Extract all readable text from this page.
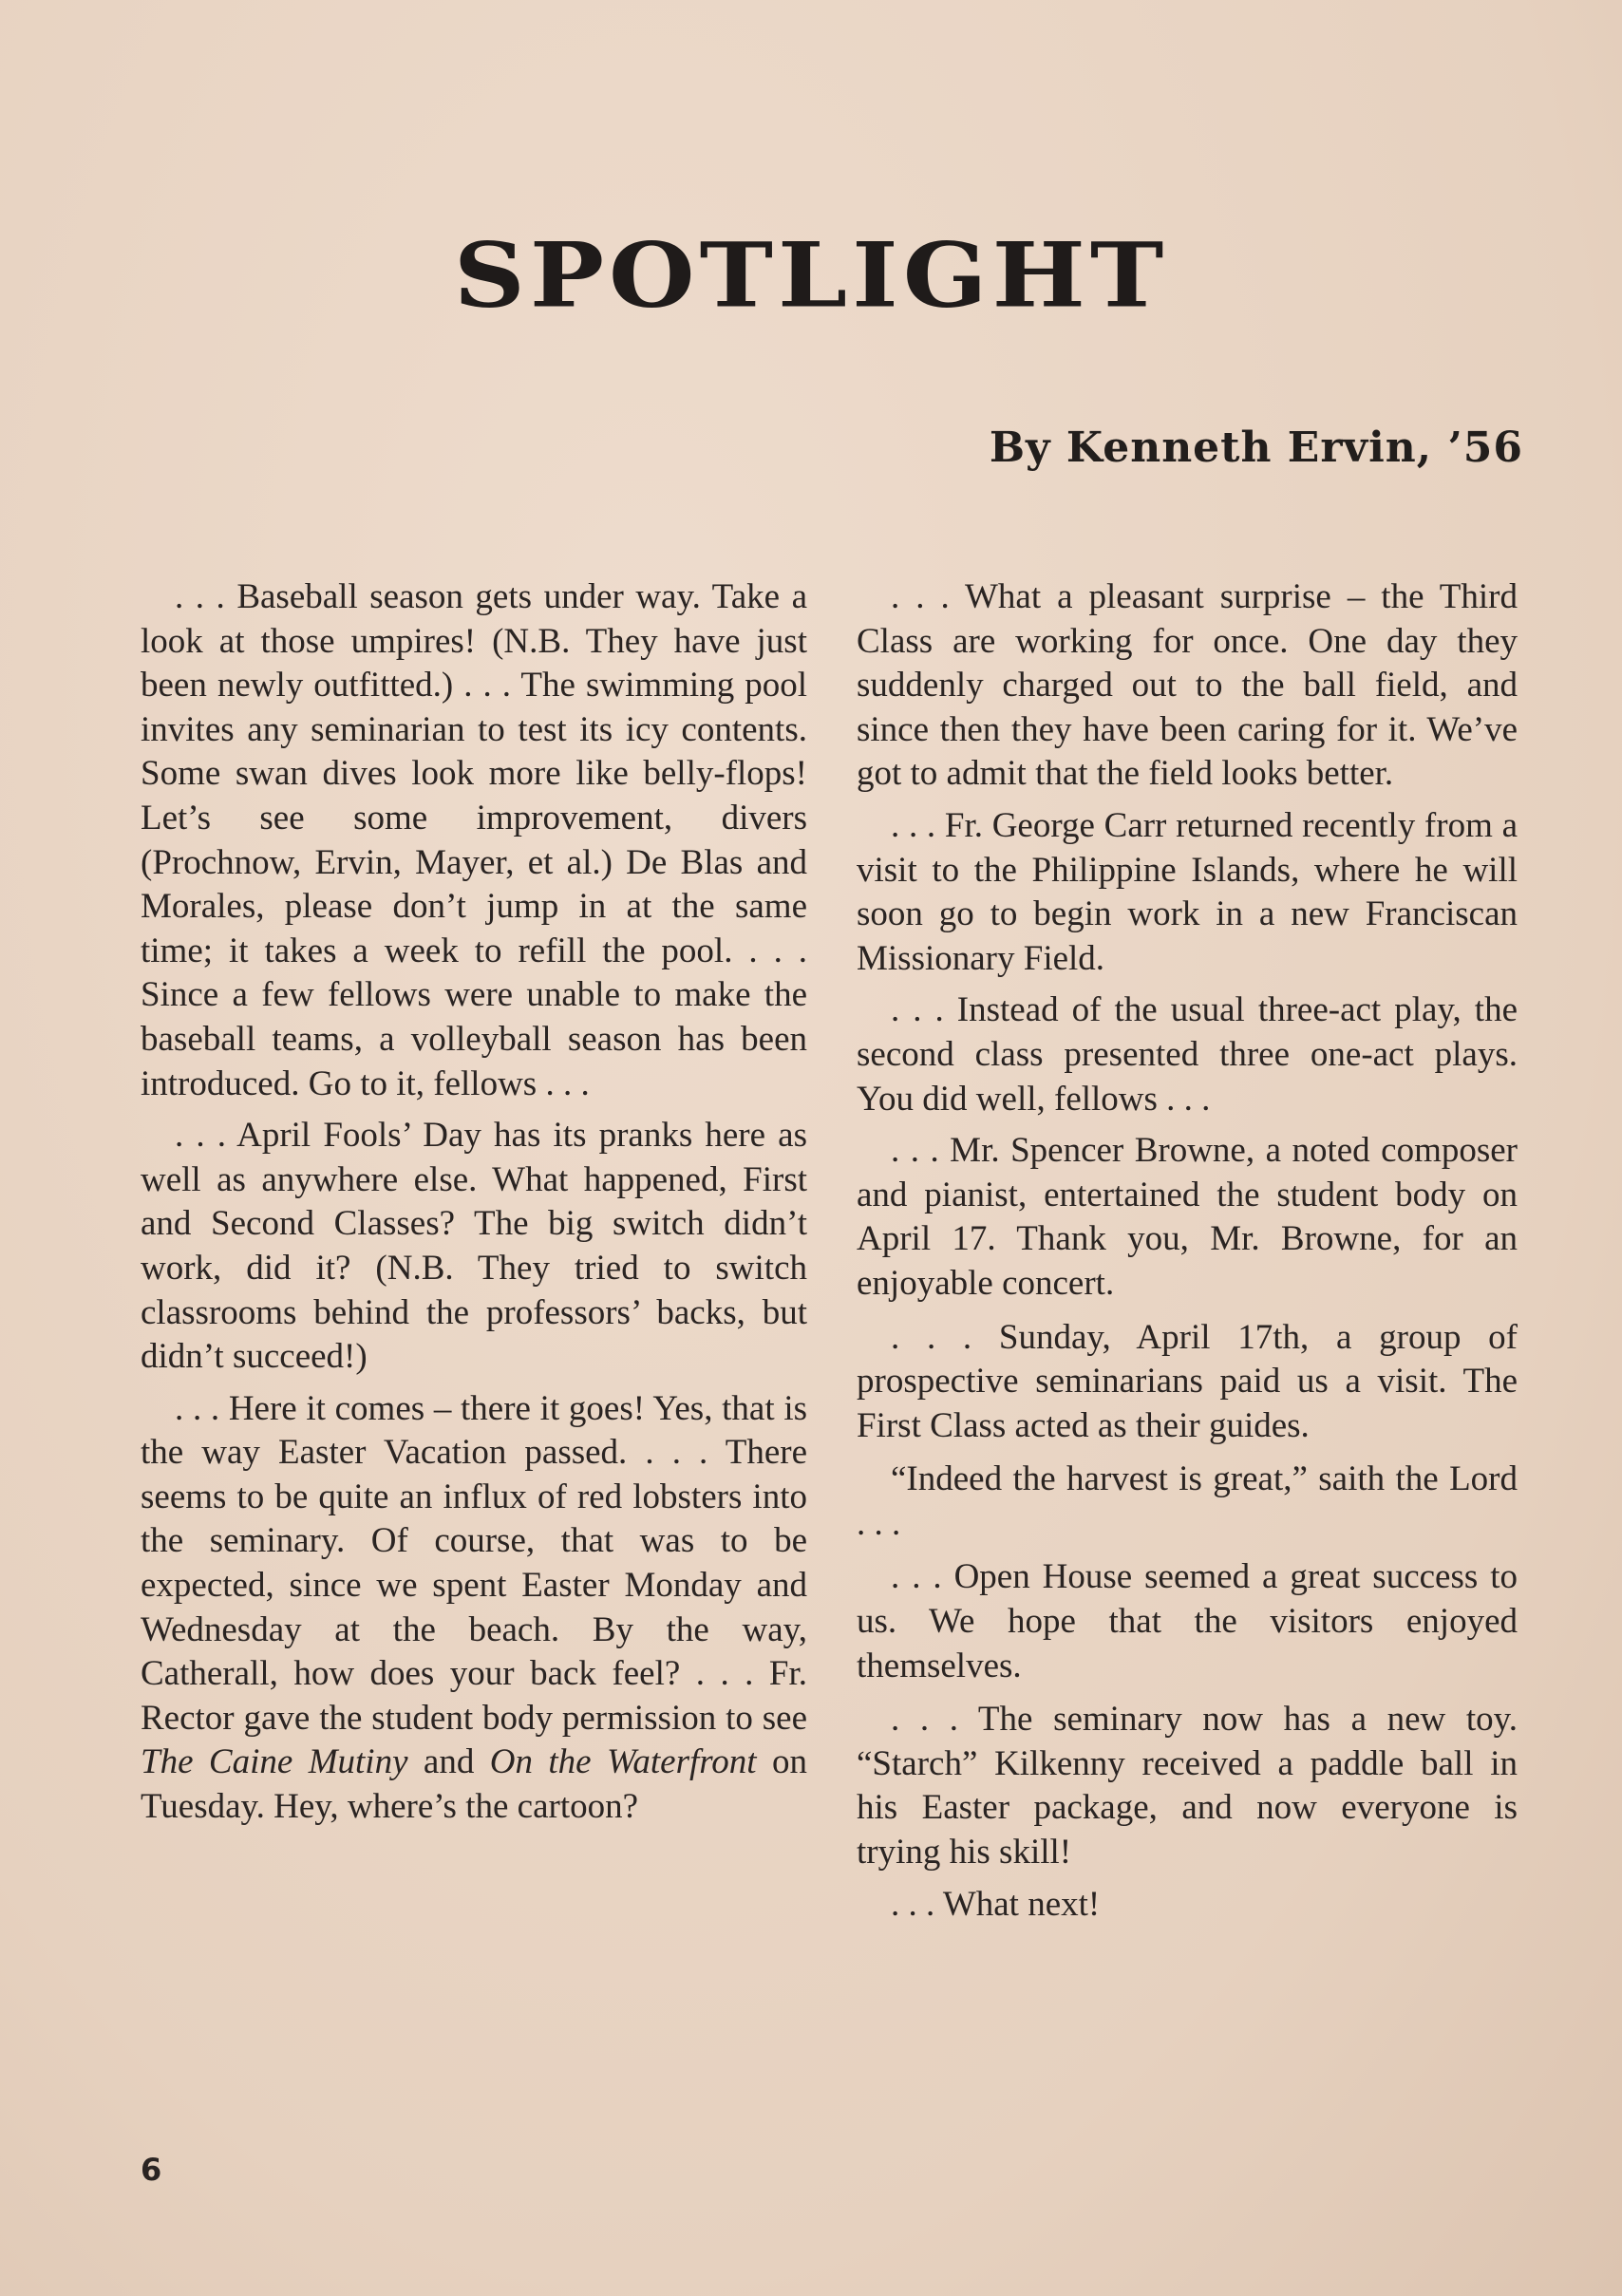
SPOTLIGHT
By Kenneth Ervin, ’56

. . . Baseball season gets under way. Take a look at those umpires! (N.B. They have just been newly outfitted.) . . . The swimming pool invites any seminarian to test its icy contents. Some swan dives look more like belly-flops! Let’s see some improvement, divers (Prochnow, Ervin, Mayer, et al.) De Blas and Morales, please don’t jump in at the same time; it takes a week to refill the pool. . . . Since a few fellows were unable to make the baseball teams, a volleyball season has been introduced. Go to it, fellows . . .

. . . April Fools’ Day has its pranks here as well as anywhere else. What happened, First and Second Classes? The big switch didn’t work, did it? (N.B. They tried to switch classrooms behind the professors’ backs, but didn’t succeed!)

. . . Here it comes – there it goes! Yes, that is the way Easter Vacation passed. . . . There seems to be quite an influx of red lobsters into the seminary. Of course, that was to be expected, since we spent Easter Monday and Wednesday at the beach. By the way, Catherall, how does your back feel? . . . Fr. Rector gave the student body permission to see The Caine Mutiny and On the Waterfront on Tuesday. Hey, where’s the cartoon?

. . . What a pleasant surprise – the Third Class are working for once. One day they suddenly charged out to the ball field, and since then they have been caring for it. We’ve got to admit that the field looks better.

. . . Fr. George Carr returned recently from a visit to the Philippine Islands, where he will soon go to begin work in a new Franciscan Missionary Field.

. . . Instead of the usual three-act play, the second class presented three one-act plays. You did well, fellows . . .

. . . Mr. Spencer Browne, a noted composer and pianist, entertained the student body on April 17. Thank you, Mr. Browne, for an enjoyable concert.

. . . Sunday, April 17th, a group of prospective seminarians paid us a visit. The First Class acted as their guides.

“Indeed the harvest is great,” saith the Lord . . .

. . . Open House seemed a great success to us. We hope that the visitors enjoyed themselves.

. . . The seminary now has a new toy. “Starch” Kilkenny received a paddle ball in his Easter package, and now everyone is trying his skill!

. . . What next!

6
